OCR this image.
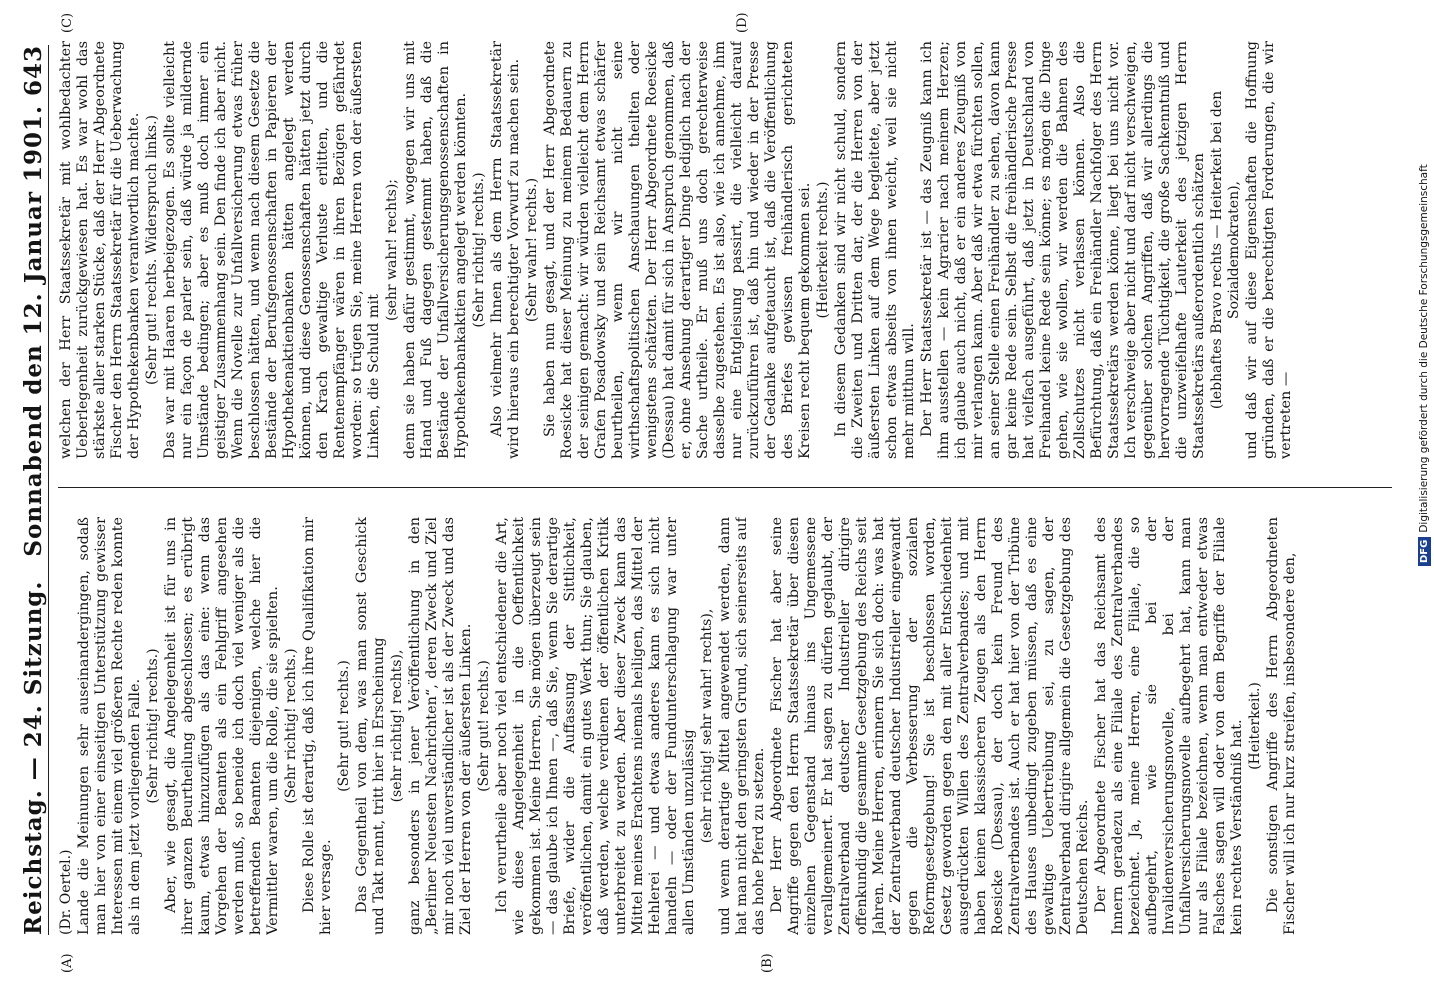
Reichstag. — 24. Sitzung.
Sonnabend den 12. Januar 1901. 643
(A)	(B)
(C)	(D)

(Dr. Oertel.) Lande die Meinungen sehr auseinandergingen, sodaß man hier von einer einseitigen Unterstützung gewisser Interessen mit einem viel größeren Rechte reden konnte als in dem jetzt vorliegenden Falle. (Sehr richtig! rechts.) Aber, wie gesagt, die Angelegenheit ist für uns in ihrer ganzen Beurtheilung abgeschlossen; es erübrigt kaum, etwas hinzuzufügen als das eine: wenn das Vorgehen der Beamten als ein Fehlgriff angesehen werden muß, so beneide ich doch viel weniger als die betreffenden Beamten diejenigen, welche hier die Vermittler waren, um die Rolle, die sie spielten. (Sehr richtig! rechts.) Diese Rolle ist derartig, daß ich ihre Qualifikation mir hier versage.

(Sehr gut! rechts.) Das Gegentheil von dem, was man sonst Geschick und Takt nennt, tritt hier in Erscheinung (sehr richtig! rechts), ganz besonders in jener Veröffentlichung in den „Berliner Neuesten Nachrichten“, deren Zweck und Ziel mir noch viel unverständlicher ist als der Zweck und das Ziel der Herren von der äußersten Linken. (Sehr gut! rechts.) Ich verurtheile aber noch viel entschiedener die Art, wie diese Angelegenheit in die Oeffentlichkeit gekommen ist. Meine Herren, Sie mögen überzeugt sein — das glaube ich Ihnen —, daß Sie, wenn Sie derartige Briefe, wider die Auffassung der Sittlichkeit, veröffentlichen, damit ein gutes Werk thun; Sie glauben, daß werden, welche verdienen der öffentlichen Kritik unterbreitet zu werden. Aber dieser Zweck kann das Mittel meines Erachtens niemals heiligen, das Mittel der Hehlerei — und etwas anderes kann es sich nicht handeln — oder der Fundunterschlagung war unter allen Umständen unzulässig (sehr richtig! sehr wahr! rechts), und wenn derartige Mittel angewendet werden, dann hat man nicht den geringsten Grund, sich seinerseits auf das hohe Pferd zu setzen. Der Herr Abgeordnete Fischer hat aber seine Angriffe gegen den Herrn Staatssekretär über diesen einzelnen Gegenstand hinaus ins Ungemessene verallgemeinert. Er hat sagen zu dürfen geglaubt, der Zentralverband deutscher Industrieller dirigire offenkundig die gesammte Gesetzgebung des Reichs seit Jahren. Meine Herren, erinnern Sie sich doch: was hat der Zentralverband deutscher Industrieller eingewandt gegen die Verbesserung der sozialen Reformgesetzgebung! Sie ist beschlossen worden, Gesetz geworden gegen den mit aller Entschiedenheit ausgedrückten Willen des Zentralverbandes; und mit haben keinen klassischeren Zeugen als den Herrn Roesicke (Dessau), der doch kein Freund des Zentralverbandes ist. Auch er hat hier von der Tribüne des Hauses unbedingt zugeben müssen, daß es eine gewaltige Uebertreibung sei, zu sagen, der Zentralverband dirigire allgemein die Gesetzgebung des Deutschen Reichs. Der Abgeordnete Fischer hat das Reichsamt des Innern geradezu als eine Filiale des Zentralverbandes bezeichnet. Ja, meine Herren, eine Filiale, die so aufbegehrt, wie sie bei der Invalidenversicherungsnovelle, bei der Unfallversicherungsnovelle aufbegehrt hat, kann man nur als Filiale bezeichnen, wenn man entweder etwas Falsches sagen will oder von dem Begriffe der Filiale kein rechtes Verständniß hat. (Heiterkeit.) Die sonstigen Angriffe des Herrn Abgeordneten Fischer will ich nur kurz streifen, insbesondere den,

welchen der Herr Staatssekretär mit wohlbedachter Ueberlegenheit zurückgewiesen hat. Es war wohl das stärkste aller starken Stücke, daß der Herr Abgeordnete Fischer den Herrn Staatssekretär für die Ueberwachung der Hypothekenbanken verantwortlich machte. (Sehr gut! rechts. Widerspruch links.) Das war mit Haaren herbeigezogen. Es sollte vielleicht nur ein façon de parler sein, daß würde ja mildernde Umstände bedingen; aber es muß doch immer ein geistiger Zusammenhang sein. Den finde ich aber nicht. Wenn die Novelle zur Unfallversicherung etwas früher beschlossen hätten, und wenn nach diesem Gesetze die Bestände der Berufsgenossenschaften in Papieren der Hypothekenaktienbanken hätten angelegt werden können, und diese Genossenschaften hätten jetzt durch den Krach gewaltige Verluste erlitten, und die Rentenempfänger wären in ihren Bezügen gefährdet worden: so trügen Sie, meine Herren von der äußersten Linken, die Schuld mit

(sehr wahr! rechts); denn sie haben dafür gestimmt, wogegen wir uns mit Hand und Fuß dagegen gestemmt haben, daß die Bestände der Unfallversicherungsgenossenschaften in Hypothekenbankaktien angelegt werden könnten. (Sehr richtig! rechts.) Also vielmehr Ihnen als dem Herrn Staatssekretär wird hieraus ein berechtigter Vorwurf zu machen sein. (Sehr wahr! rechts.) Sie haben nun gesagt, und der Herr Abgeordnete Roesicke hat dieser Meinung zu meinem Bedauern zu der seinigen gemacht: wir würden vielleicht dem Herrn Grafen Posadowsky und sein Reichsamt etwas schärfer beurtheilen, wenn wir nicht seine wirthschaftspolitischen Anschauungen theilten oder wenigstens schätzten. Der Herr Abgeordnete Roesicke (Dessau) hat damit für sich in Anspruch genommen, daß er, ohne Ansehung derartiger Dinge lediglich nach der Sache urtheile. Er muß uns doch gerechterweise dasselbe zugestehen. Es ist also, wie ich annehme, ihm nur eine Entgleisung passirt, die vielleicht darauf zurückzuführen ist, daß hin und wieder in der Presse der Gedanke aufgetaucht ist, daß die Veröffentlichung des Briefes gewissen freihändlerisch gerichteten Kreisen recht bequem gekommen sei. (Heiterkeit rechts.) In diesem Gedanken sind wir nicht schuld, sondern die Zweiten und Dritten dar, der die Herren von der äußersten Linken auf dem Wege begleitete, aber jetzt schon etwas abseits von ihnen weicht, weil sie nicht mehr mitthun will. Der Herr Staatssekretär ist — das Zeugniß kann ich ihm ausstellen — kein Agrarier nach meinem Herzen; ich glaube auch nicht, daß er ein anderes Zeugniß von mir verlangen kann. Aber daß wir etwa fürchten sollen, an seiner Stelle einen Freihändler zu sehen, davon kann gar keine Rede sein. Selbst die freihändlerische Presse hat vielfach ausgeführt, daß jetzt in Deutschland von Freihandel keine Rede sein könne; es mögen die Dinge gehen, wie sie wollen, wir werden die Bahnen des Zollschutzes nicht verlassen können. Also die Befürchtung, daß ein Freihändler Nachfolger des Herrn Staatssekretärs werden könne, liegt bei uns nicht vor. Ich verschweige aber nicht und darf nicht verschweigen, gegenüber solchen Angriffen, daß wir allerdings die hervorragende Tüchtigkeit, die große Sachkenntniß und die unzweifelhafte Lauterkeit des jetzigen Herrn Staatssekretärs außerordentlich schätzen (lebhaftes Bravo rechts — Heiterkeit bei den Sozialdemokraten), und daß wir auf diese Eigenschaften die Hoffnung gründen, daß er die berechtigten Forderungen, die wir vertreten —

DFGDigitalisierung gefördert durch die Deutsche Forschungsgemeinschaft
